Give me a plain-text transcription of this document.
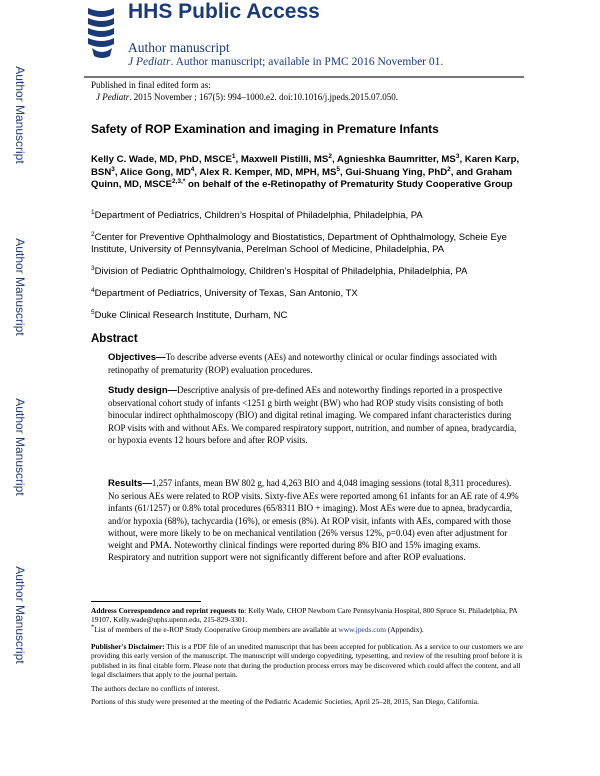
Author Manuscript
Author Manuscript
Author Manuscript
Author Manuscript
HHS Public Access
Author manuscript
J Pediatr. Author manuscript; available in PMC 2016 November 01.
Published in final edited form as:
J Pediatr. 2015 November ; 167(5): 994–1000.e2. doi:10.1016/j.jpeds.2015.07.050.
Safety of ROP Examination and imaging in Premature Infants
Kelly C. Wade, MD, PhD, MSCE$^1$, Maxwell Pistilli, $MS^2$, Agnieshka Baumritter, $MS^3$, Karen Karp, BSN$^3$, Alice Gong, $MD^4$, Alex R. Kemper, MD, MPH, $MS^5$, Gui-Shuang Ying, PhD$^2$, and Graham Quinn, MD, $MSCE^{2,3,*}$ on behalf of the e-Retinopathy of Prematurity Study Cooperative Group
$^1$Department of Pediatrics, Children’s Hospital of Philadelphia, Philadelphia, PA
$^2$Center for Preventive Ophthalmology and Biostatistics, Department of Ophthalmology, Scheie Eye Institute, University of Pennsylvania, Perelman School of Medicine, Philadelphia, PA
$^3$Division of Pediatric Ophthalmology, Children’s Hospital of Philadelphia, Philadelphia, PA
$^4$Department of Pediatrics, University of Texas, San Antonio, TX
$^5$Duke Clinical Research Institute, Durham, NC
Abstract

Objectives—To describe adverse events (AEs) and noteworthy clinical or ocular findings associated with retinopathy of prematurity (ROP) evaluation procedures.

Study design—Descriptive analysis of pre-defined AEs and noteworthy findings reported in a prospective observational cohort study of infants <1251 g birth weight (BW) who had ROP study visits consisting of both binocular indirect ophthalmoscopy (BIO) and digital retinal imaging. We compared infant characteristics during ROP visits with and without AEs. We compared respiratory support, nutrition, and number of apnea, bradycardia, or hypoxia events 12 hours before and after ROP visits.

Results—1,257 infants, mean BW 802 g, had 4,263 BIO and 4,048 imaging sessions (total 8,311 procedures). No serious AEs were related to ROP visits. Sixty-five AEs were reported among 61 infants for an AE rate of 4.9% infants (61/1257) or 0.8% total procedures (65/8311 BIO + imaging). Most AEs were due to apnea, bradycardia, and/or hypoxia (68%), tachycardia (16%), or emesis (8%). At ROP visit, infants with AEs, compared with those without, were more likely to be on mechanical ventilation (26% versus 12%, p=0.04) even after adjustment for weight and PMA. Noteworthy clinical findings were reported during 8% BIO and 15% imaging exams. Respiratory and nutrition support were not significantly different before and after ROP evaluations.

Address Correspondence and reprint requests to: Kelly Wade, CHOP Newborn Care Pennsylvania Hospital, 800 Spruce St. Philadelphia, PA 19107, Kelly.wade@uphs.upenn.edu, 215-829-3301.

*List of members of the e-ROP Study Cooperative Group members are available at www.jpeds.com (Appendix).

Publisher's Disclaimer: This is a PDF file of an unedited manuscript that has been accepted for publication. As a service to our customers we are providing this early version of the manuscript. The manuscript will undergo copyediting, typesetting, and review of the resulting proof before it is published in its final citable form. Please note that during the production process errors may be discovered which could affect the content, and all legal disclaimers that apply to the journal pertain.

The authors declare no conflicts of interest.

Portions of this study were presented at the meeting of the Pediatric Academic Societies, April 25–28, 2015, San Diego, California.
